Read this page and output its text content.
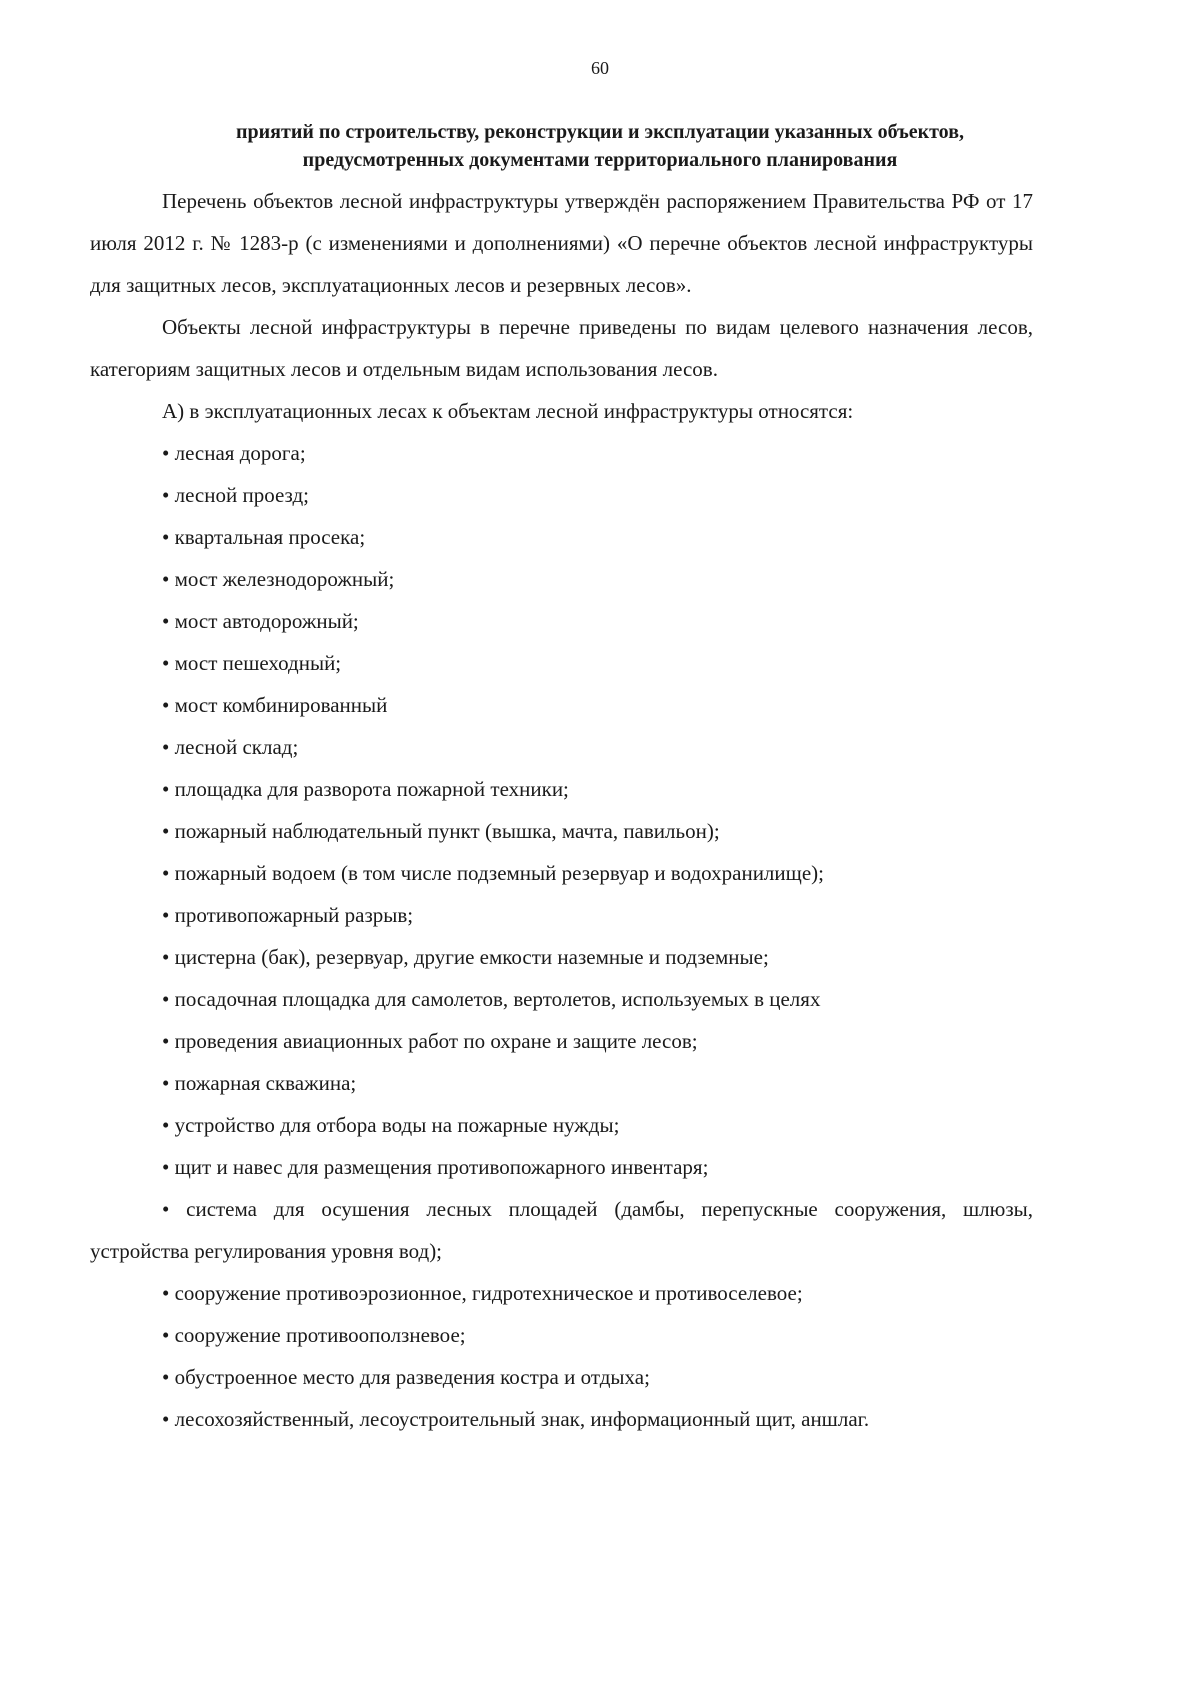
60
приятий по строительству, реконструкции и эксплуатации указанных объектов,
предусмотренных документами территориального планирования

Перечень объектов лесной инфраструктуры утверждён распоряжением Правительства РФ от 17 июля 2012 г. № 1283-р (с изменениями и дополнениями) «О перечне объектов лесной инфраструктуры для защитных лесов, эксплуатационных лесов и резервных лесов».

Объекты лесной инфраструктуры в перечне приведены по видам целевого назначения лесов, категориям защитных лесов и отдельным видам использования лесов.

А) в эксплуатационных лесах к объектам лесной инфраструктуры относятся:

• лесная дорога;
• лесной проезд;
• квартальная просека;
• мост железнодорожный;
• мост автодорожный;
• мост пешеходный;
• мост комбинированный
• лесной склад;
• площадка для разворота пожарной техники;
• пожарный наблюдательный пункт (вышка, мачта, павильон);
• пожарный водоем (в том числе подземный резервуар и водохранилище);
• противопожарный разрыв;
• цистерна (бак), резервуар, другие емкости наземные и подземные;
• посадочная площадка для самолетов, вертолетов, используемых в целях
• проведения авиационных работ по охране и защите лесов;
• пожарная скважина;
• устройство для отбора воды на пожарные нужды;
• щит и навес для размещения противопожарного инвентаря;
• система для осушения лесных площадей (дамбы, перепускные сооружения, шлюзы, устройства регулирования уровня вод);
• сооружение противоэрозионное, гидротехническое и противоселевое;
• сооружение противооползневое;
• обустроенное место для разведения костра и отдыха;
• лесохозяйственный, лесоустроительный знак, информационный щит, аншлаг.
